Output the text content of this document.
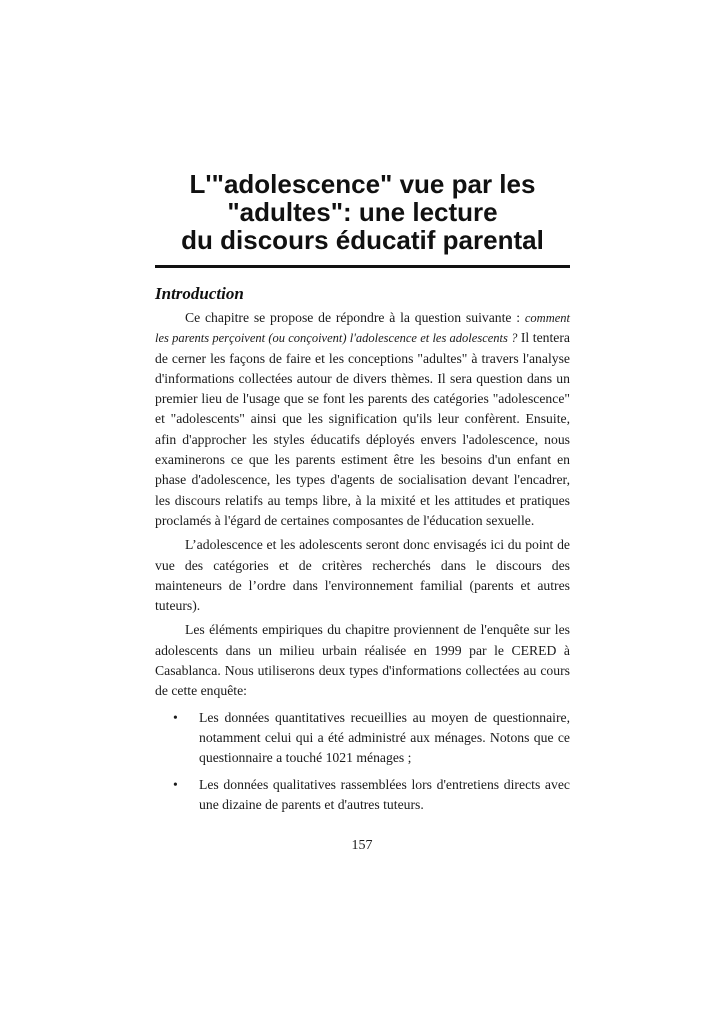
L'"adolescence" vue par les
"adultes": une lecture
du discours éducatif parental
Introduction

Ce chapitre se propose de répondre à la question suivante : comment les parents perçoivent (ou conçoivent) l'adolescence et les adolescents ? Il tentera de cerner les façons de faire et les conceptions "adultes" à travers l'analyse d'informations collectées autour de divers thèmes. Il sera question dans un premier lieu de l'usage que se font les parents des catégories "adolescence" et "adolescents" ainsi que les signification qu'ils leur confèrent. Ensuite, afin d'approcher les styles éducatifs déployés envers l'adolescence, nous examinerons ce que les parents estiment être les besoins d'un enfant en phase d'adolescence, les types d'agents de socialisation devant l'encadrer, les discours relatifs au temps libre, à la mixité et les attitudes et pratiques proclamés à l'égard de certaines composantes de l'éducation sexuelle.

L’adolescence et les adolescents seront donc envisagés ici du point de vue des catégories et de critères recherchés dans le discours des mainteneurs de l’ordre dans l'environnement familial (parents et autres tuteurs).

Les éléments empiriques du chapitre proviennent de l'enquête sur les adolescents dans un milieu urbain réalisée en 1999 par le CERED à Casablanca. Nous utiliserons deux types d'informations collectées au cours de cette enquête:

• Les données quantitatives recueillies au moyen de questionnaire, notamment celui qui a été administré aux ménages. Notons que ce questionnaire a touché 1021 ménages ;
• Les données qualitatives rassemblées lors d'entretiens directs avec une dizaine de parents et d'autres tuteurs.
157
